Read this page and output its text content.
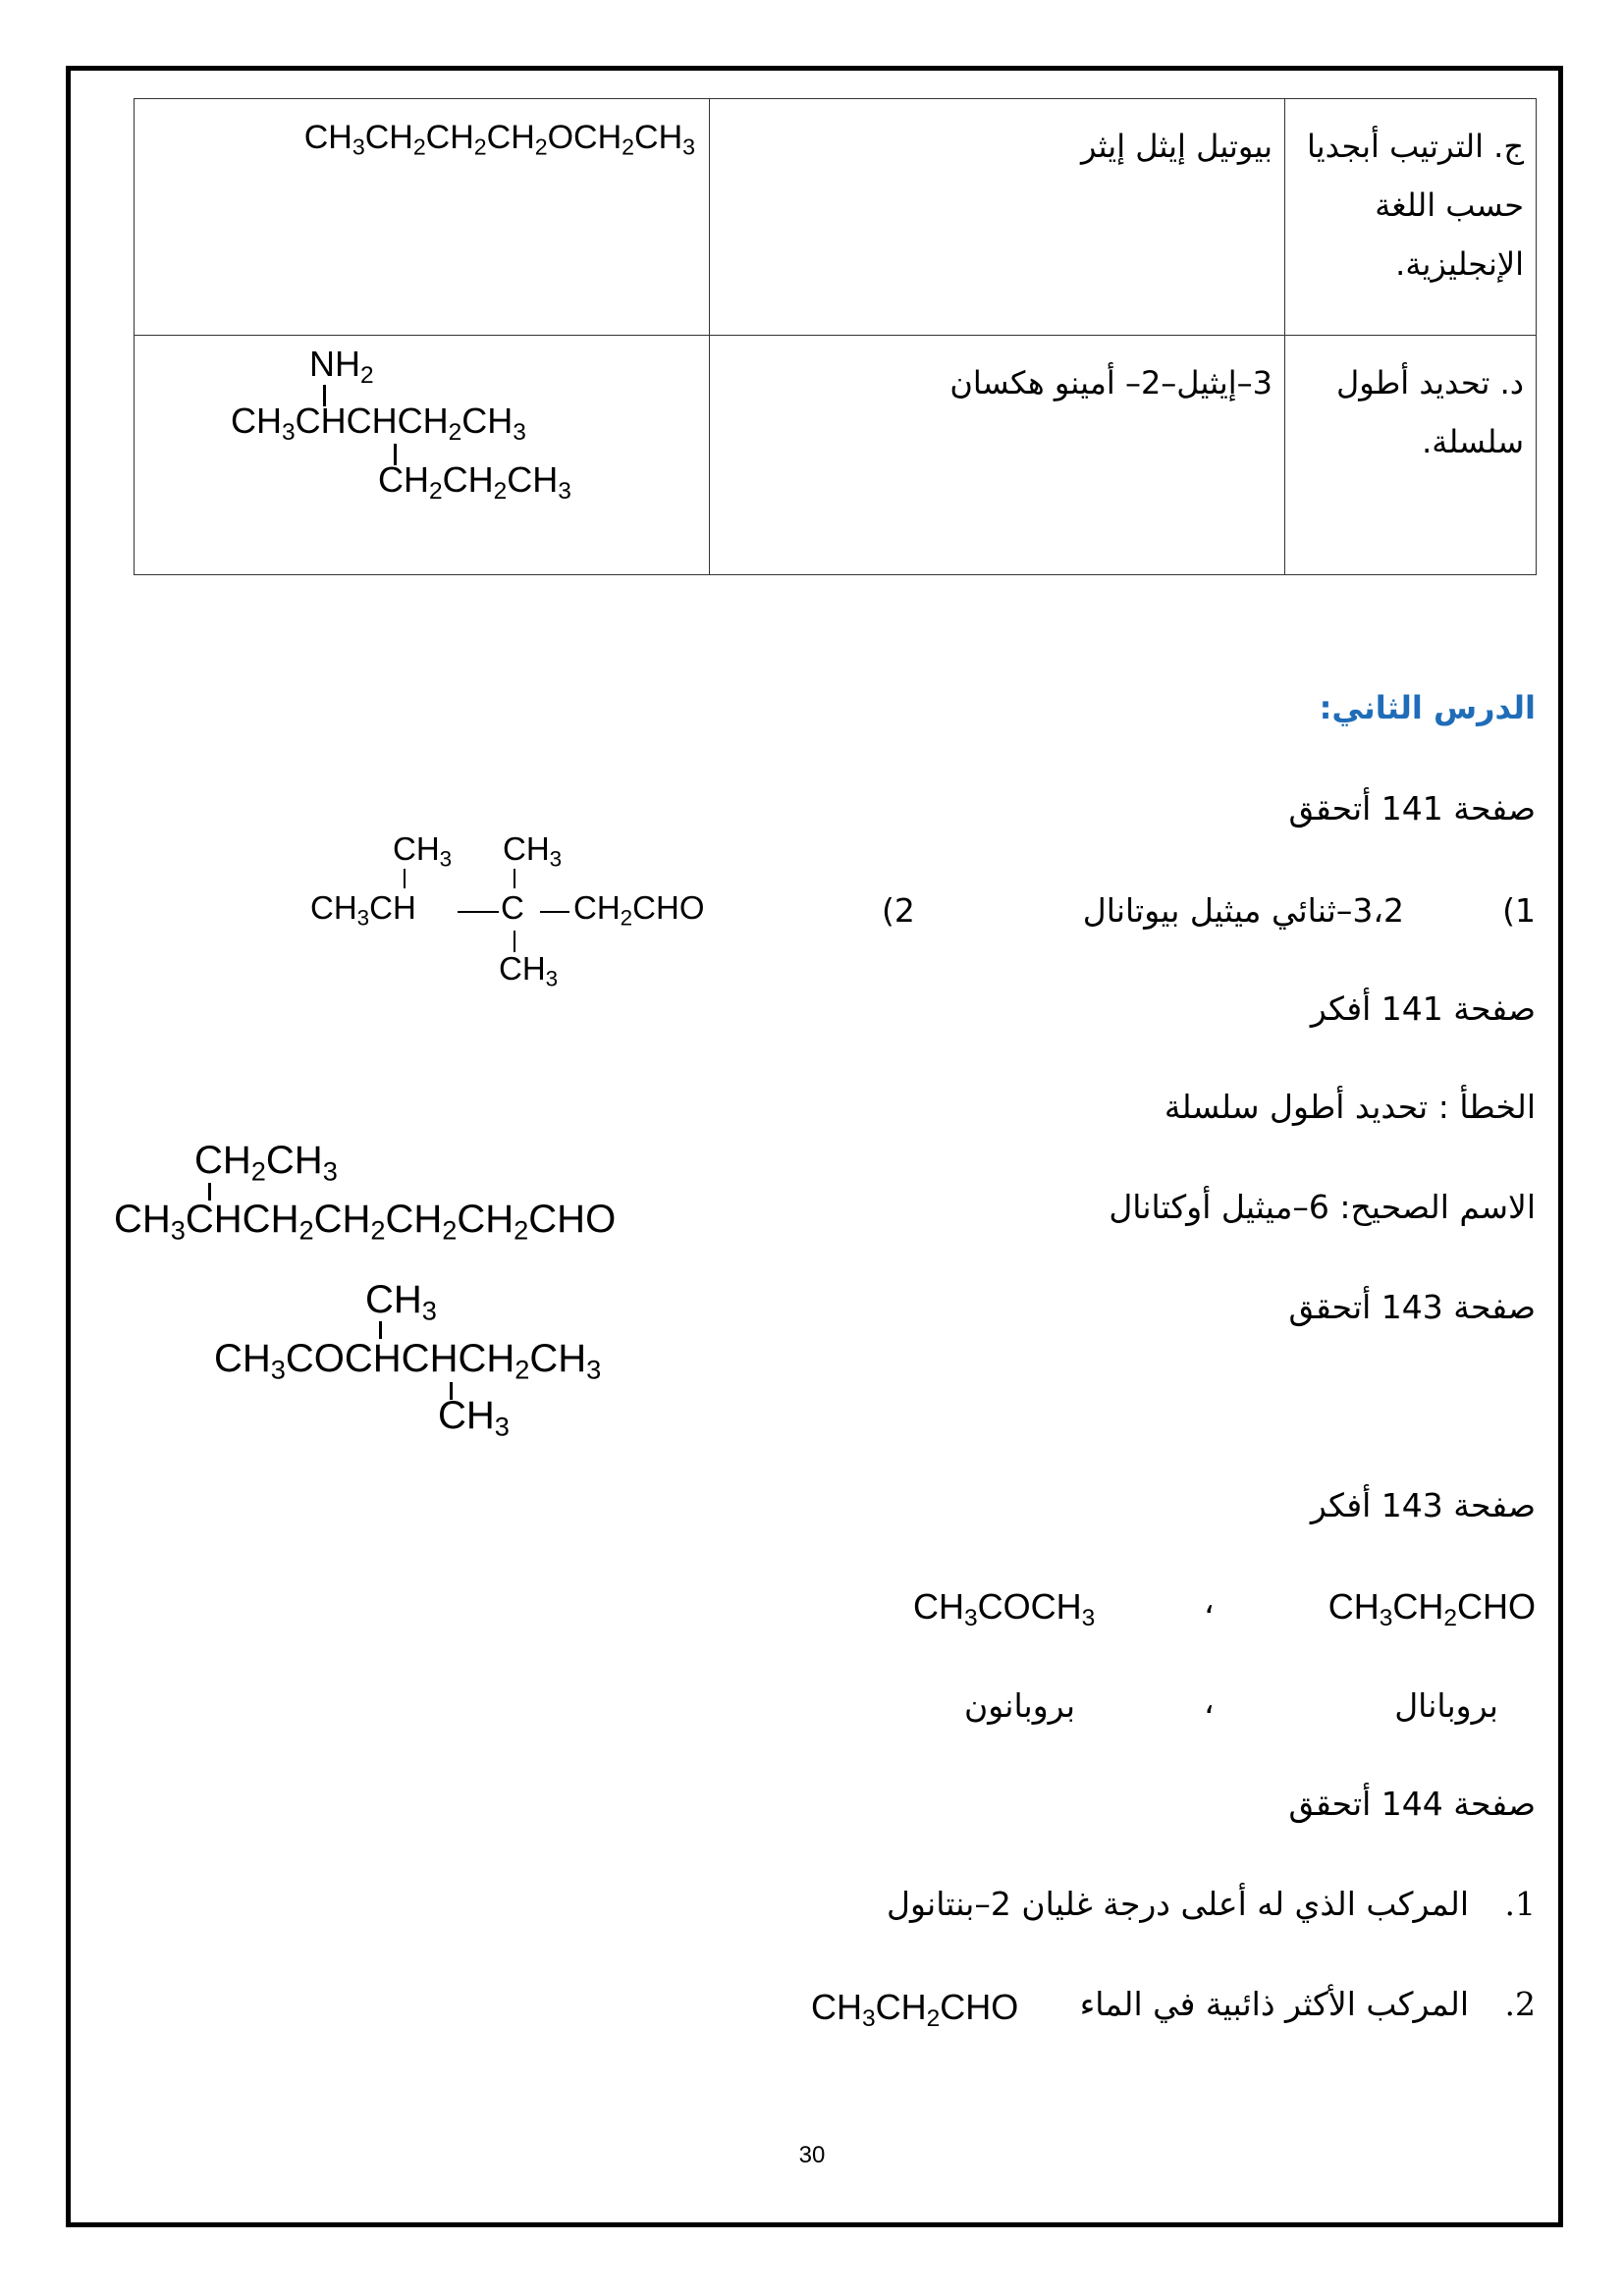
$CH_3CH_2CH_2CH_2OCH_2CH_3$	بيوتيل إيثل إيثر	ج. الترتيب أبجديا حسب اللغة الإنجليزية.

$NH_2$
$CH_3CHCHCH_2CH_3$
$CH_2CH_2CH_3$	3–إيثيل–2– أمينو هكسان	د. تحديد أطول سلسلة.
الدرس الثاني:
صفحة 141 أتحقق
1)
3،2–ثنائي ميثيل بيوتانال
2)
$CH_3$ $CH_3$
$CH_3CH$	C $CH_2CHO$
$CH_3$
صفحة 141 أفكر
الخطأ : تحديد أطول سلسلة
الاسم الصحيح: 6–ميثيل أوكتانال
$CH_2CH_3$
$CH_3CHCH_2CH_2CH_2CH_2CHO$
صفحة 143 أتحقق
$CH_3$
$CH_3COCHCHCH_2CH_3$
$CH_3$
صفحة 143 أفكر
$CH_3CH_2CHO$
،
$CH_3COCH_3$
بروبانال
،
بروبانون
صفحة 144 أتحقق
.1
المركب الذي له أعلى درجة غليان 2–بنتانول
.2
المركب الأكثر ذائبية في الماء
$CH_3CH_2CHO$
30
